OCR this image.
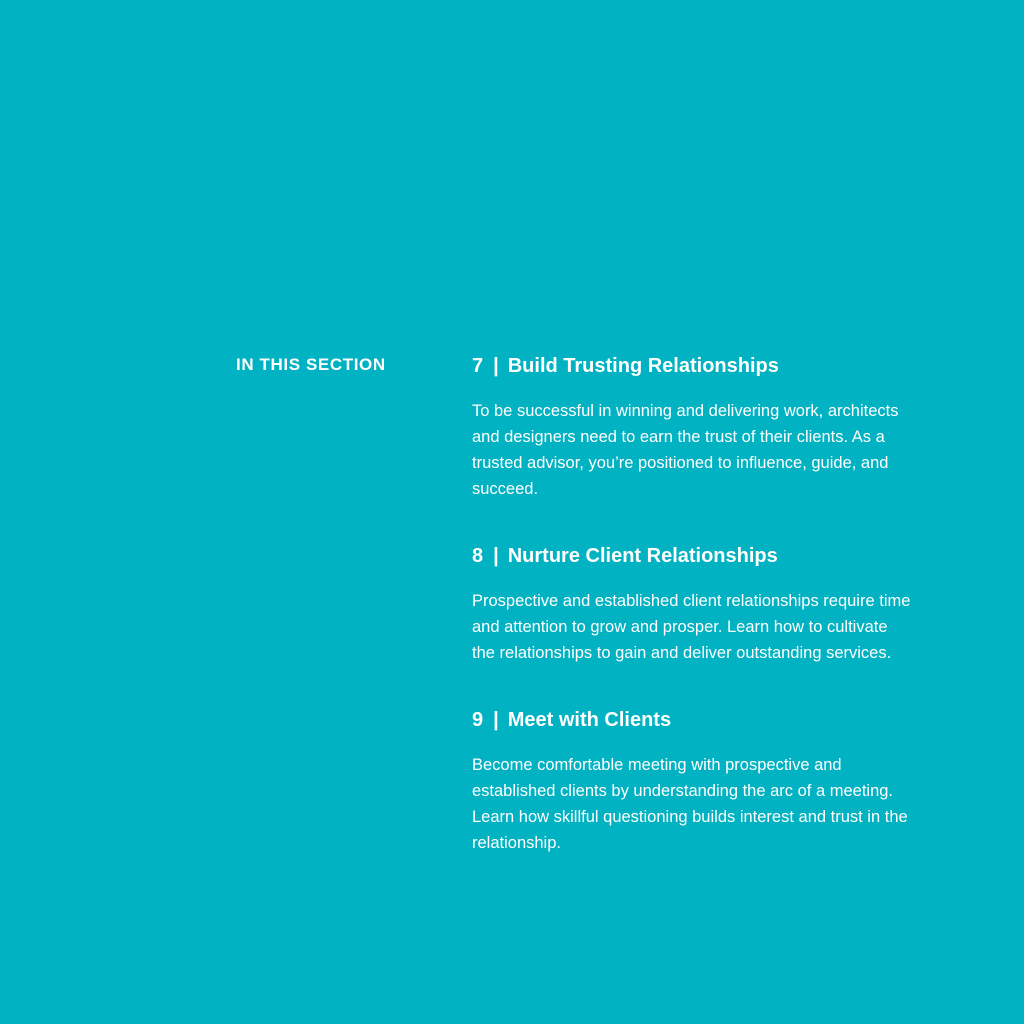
IN THIS SECTION	7 | Build Trusting Relationships

To be successful in winning and delivering work, architects and designers need to earn the trust of their clients. As a trusted advisor, you’re positioned to influence, guide, and succeed.

8 | Nurture Client Relationships

Prospective and established client relationships require time and attention to grow and prosper. Learn how to cultivate the relationships to gain and deliver outstanding services.

9 | Meet with Clients

Become comfortable meeting with prospective and established clients by understanding the arc of a meeting. Learn how skillful questioning builds interest and trust in the relationship.
